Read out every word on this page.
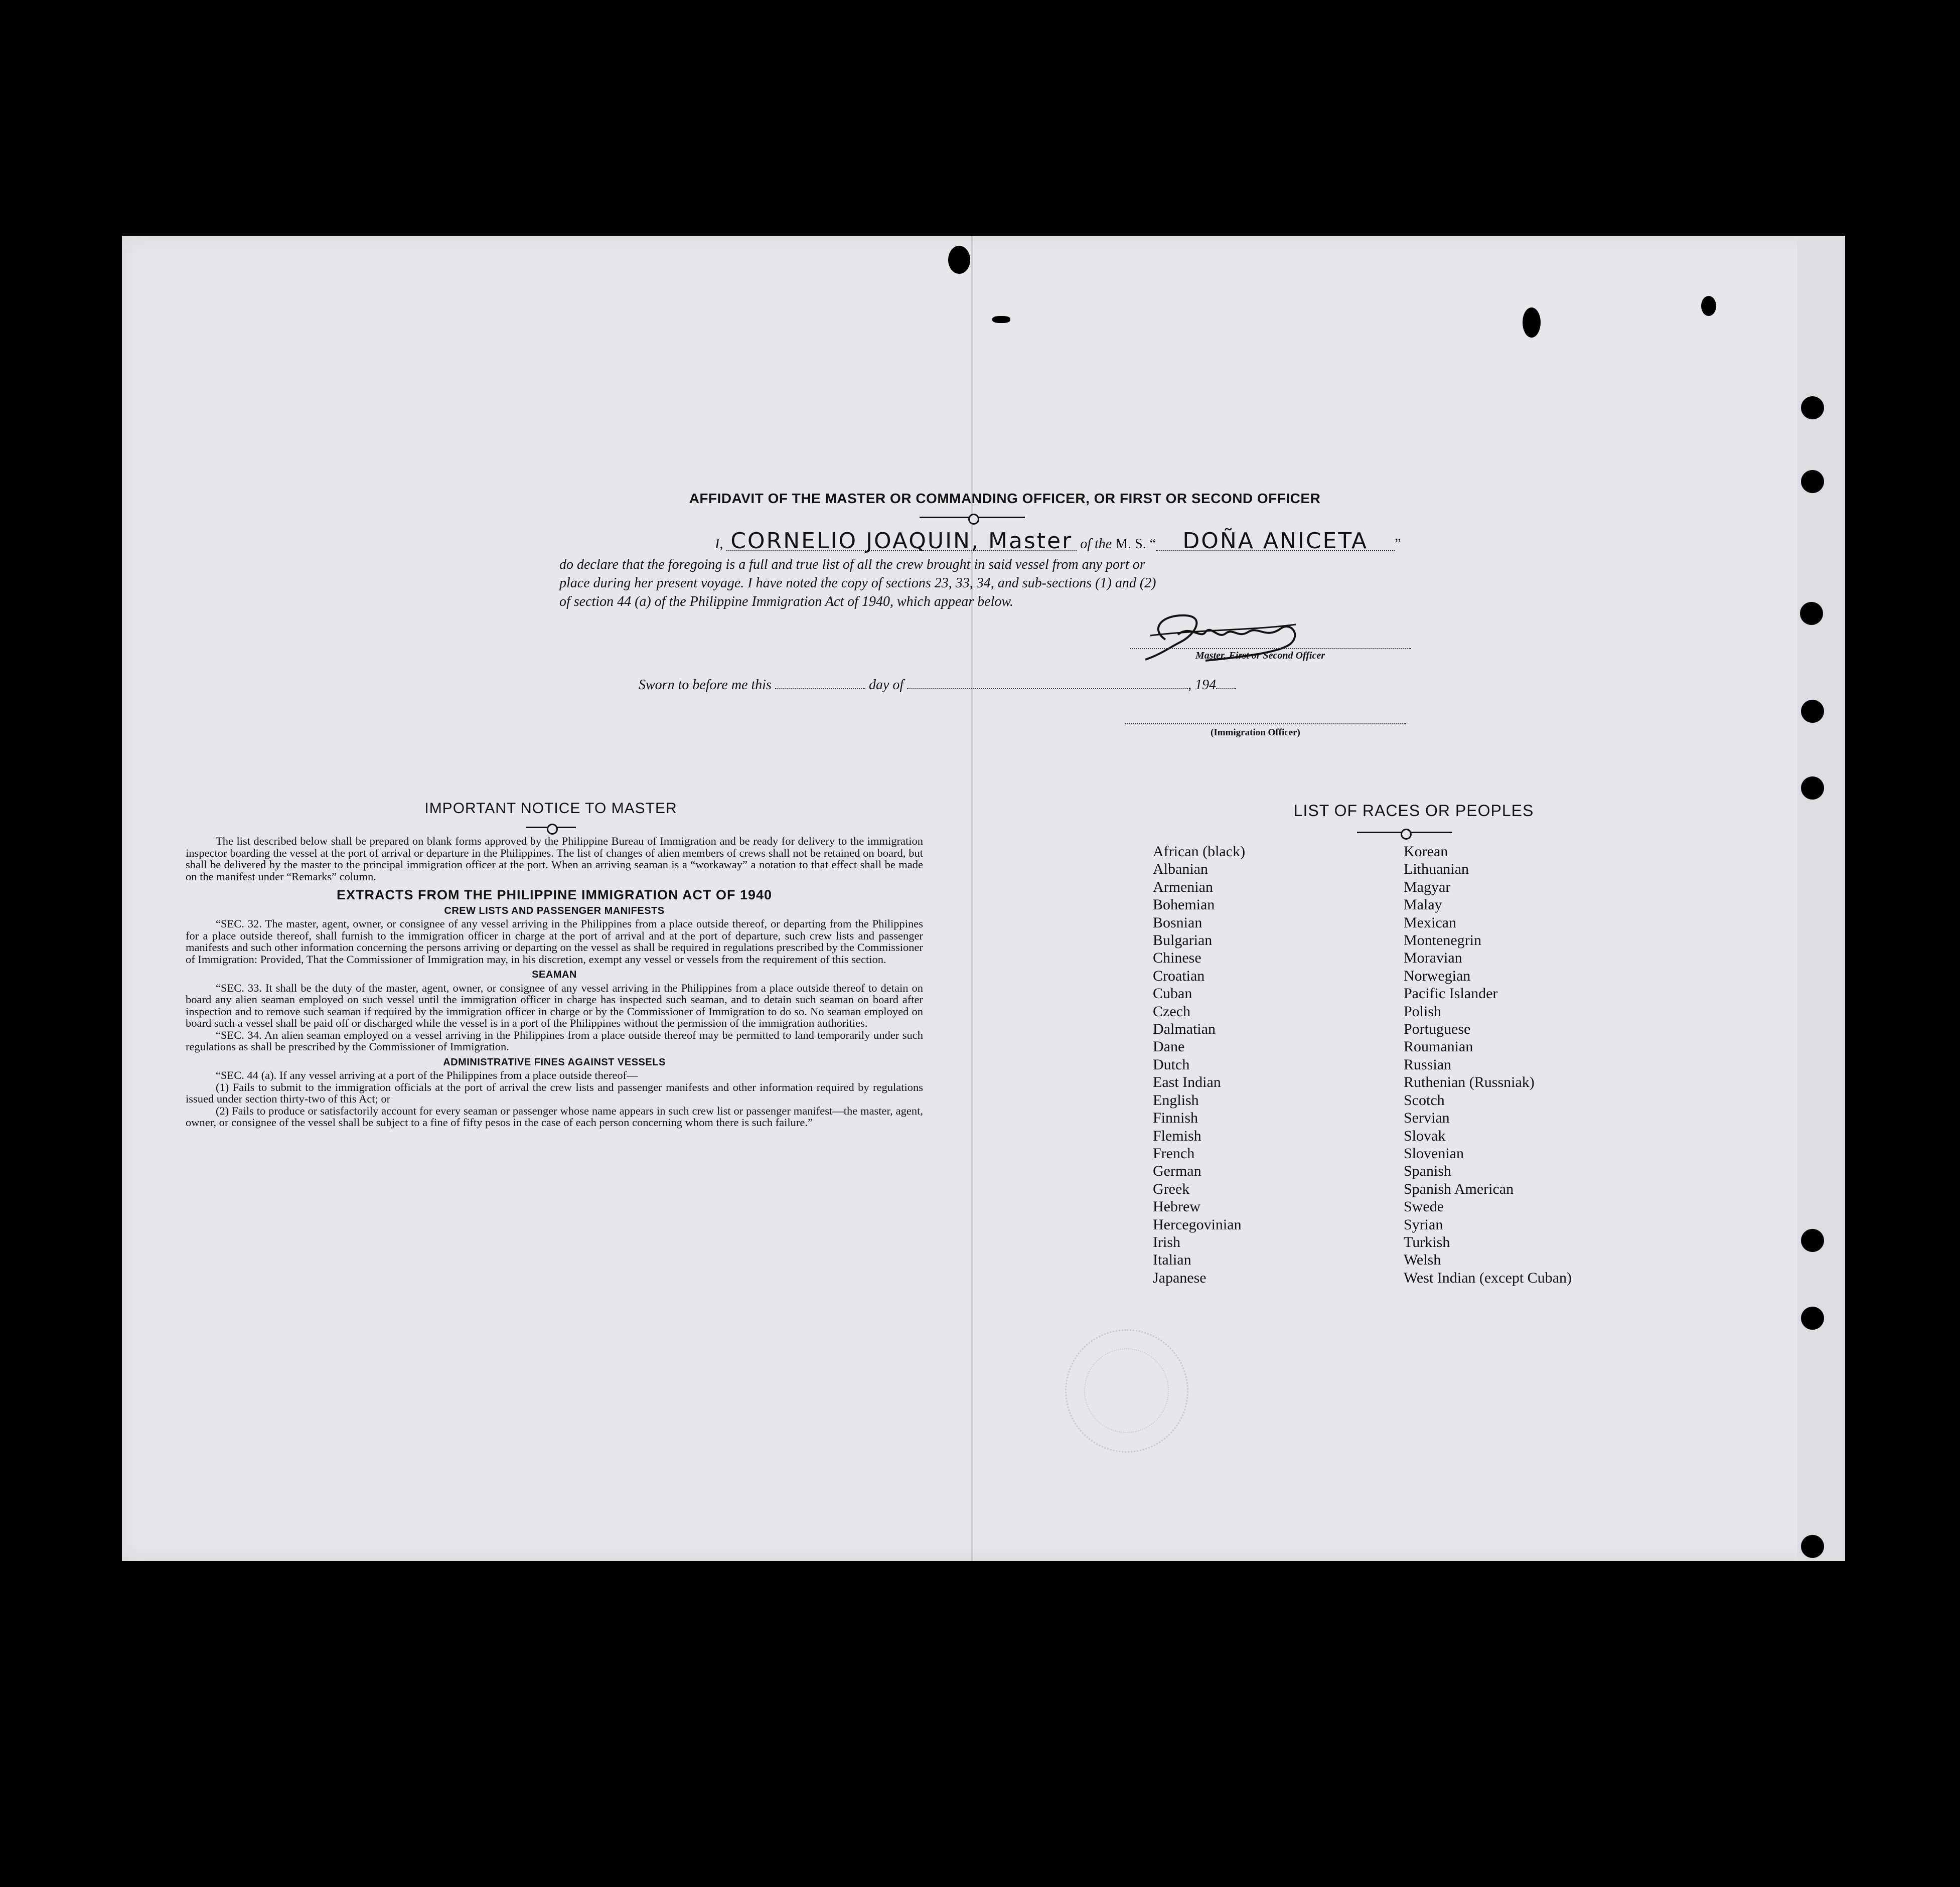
AFFIDAVIT OF THE MASTER OR COMMANDING OFFICER, OR FIRST OR SECOND OFFICER
I, CORNELIO JOAQUIN, Master of the M. S. “ DOÑA ANICETA ”
do declare that the foregoing is a full and true list of all the crew brought in said vessel from any port or
place during her present voyage. I have noted the copy of sections 23, 33, 34, and sub-sections (1) and (2)
of section 44 (a) of the Philippine Immigration Act of 1940, which appear below.
Master, First or Second Officer
Sworn to before me this	day of	, 194
(Immigration Officer)
IMPORTANT NOTICE TO MASTER

The list described below shall be prepared on blank forms approved by the Philippine Bureau of Immigration and be ready for delivery to the immigration inspector boarding the vessel at the port of arrival or departure in the Philippines. The list of changes of alien members of crews shall not be retained on board, but shall be delivered by the master to the principal immigration officer at the port. When an arriving seaman is a “workaway” a notation to that effect shall be made on the manifest under “Remarks” column.

EXTRACTS FROM THE PHILIPPINE IMMIGRATION ACT OF 1940
CREW LISTS AND PASSENGER MANIFESTS

“SEC. 32. The master, agent, owner, or consignee of any vessel arriving in the Philippines from a place outside thereof, or departing from the Philippines for a place outside thereof, shall furnish to the immigration officer in charge at the port of arrival and at the port of departure, such crew lists and passenger manifests and such other information concerning the persons arriving or departing on the vessel as shall be required in regulations prescribed by the Commissioner of Immigration: Provided, That the Commissioner of Immigration may, in his discretion, exempt any vessel or vessels from the requirement of this section.

SEAMAN

“SEC. 33. It shall be the duty of the master, agent, owner, or consignee of any vessel arriving in the Philippines from a place outside thereof to detain on board any alien seaman employed on such vessel until the immigration officer in charge has inspected such seaman, and to detain such seaman on board after inspection and to remove such seaman if required by the immigration officer in charge or by the Commissioner of Immigration to do so. No seaman employed on board such a vessel shall be paid off or discharged while the vessel is in a port of the Philippines without the permission of the immigration authorities.

“SEC. 34. An alien seaman employed on a vessel arriving in the Philippines from a place outside thereof may be permitted to land temporarily under such regulations as shall be prescribed by the Commissioner of Immigration.

ADMINISTRATIVE FINES AGAINST VESSELS

“SEC. 44 (a). If any vessel arriving at a port of the Philippines from a place outside thereof—

(1) Fails to submit to the immigration officials at the port of arrival the crew lists and passenger manifests and other information required by regulations issued under section thirty-two of this Act; or

(2) Fails to produce or satisfactorily account for every seaman or passenger whose name appears in such crew list or passenger manifest—the master, agent, owner, or consignee of the vessel shall be subject to a fine of fifty pesos in the case of each person concerning whom there is such failure.”

LIST OF RACES OR PEOPLES
African (black)
Albanian
Armenian
Bohemian
Bosnian
Bulgarian
Chinese
Croatian
Cuban
Czech
Dalmatian
Dane
Dutch
East Indian
English
Finnish
Flemish
French
German
Greek
Hebrew
Hercegovinian
Irish
Italian
Japanese
Korean
Lithuanian
Magyar
Malay
Mexican
Montenegrin
Moravian
Norwegian
Pacific Islander
Polish
Portuguese
Roumanian
Russian
Ruthenian (Russniak)
Scotch
Servian
Slovak
Slovenian
Spanish
Spanish American
Swede
Syrian
Turkish
Welsh
West Indian (except Cuban)
